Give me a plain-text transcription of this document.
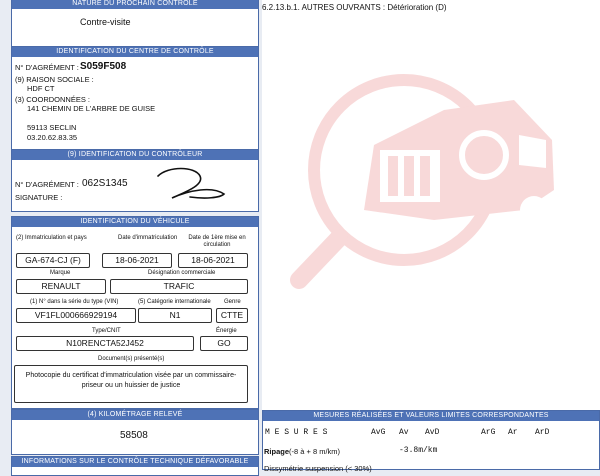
NATURE DU PROCHAIN CONTRÔLE
Contre-visite
IDENTIFICATION DU CENTRE DE CONTRÔLE
N° D'AGRÉMENT : S059F508
(9) RAISON SOCIALE :
HDF CT
(3) COORDONNÉES :
141 CHEMIN DE L'ARBRE DE GUISE
59113 SECLIN
03.20.62.83.35
(9) IDENTIFICATION DU CONTRÔLEUR
N° D'AGRÉMENT : 062S1345
SIGNATURE :
IDENTIFICATION DU VÉHICULE
(2) Immatriculation et pays	Date d'immatriculation	Date de 1ère mise en circulation
GA-674-CJ (F)	18-06-2021	18-06-2021
Marque	Désignation commerciale
RENAULT	TRAFIC
(1) N° dans la série du type (VIN)	(5) Catégorie internationale Genre
VF1FL000666929194	N1	CTTE
Type/CNIT	Énergie
N10RENCTA52J452	GO
Document(s) présenté(s)
Photocopie du certificat d'immatriculation visée par un commissaire-priseur ou un huissier de justice
(4) KILOMÉTRAGE RELEVÉ
58508
INFORMATIONS SUR LE CONTRÔLE TECHNIQUE DÉFAVORABLE
6.2.13.b.1. AUTRES OUVRANTS : Détérioration (D)
MESURES RÉALISÉES ET VALEURS LIMITES CORRESPONDANTES
M E S U R E S	AvG Av AvD	ArG Ar ArD
Ripage (-8 à + 8 m/km)	-3.8m/km
Dissymétrie suspension (< 30%)
